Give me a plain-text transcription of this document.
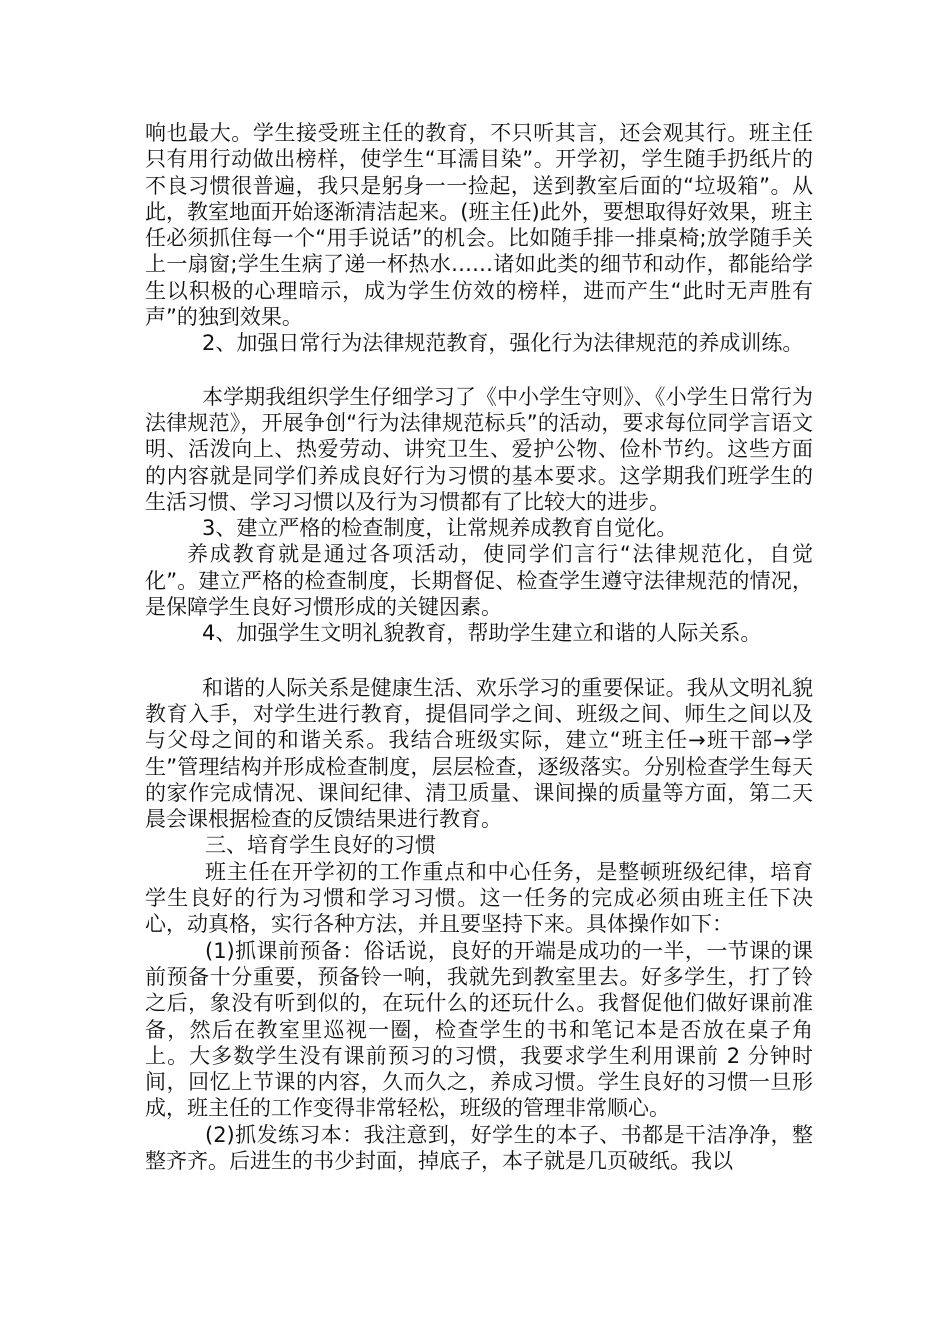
响也最大。学生接受班主任的教育，不只听其言，还会观其行。班主任只有用行动做出榜样，使学生“耳濡目染”。开学初，学生随手扔纸片的不良习惯很普遍，我只是躬身一一捡起，送到教室后面的“垃圾箱”。从此，教室地面开始逐渐清洁起来。(班主任)此外，要想取得好效果，班主任必须抓住每一个“用手说话”的机会。比如随手排一排桌椅;放学随手关上一扇窗;学生生病了递一杯热水……诸如此类的细节和动作，都能给学生以积极的心理暗示，成为学生仿效的榜样，进而产生“此时无声胜有声”的独到效果。

2、加强日常行为法律规范教育，强化行为法律规范的养成训练。

本学期我组织学生仔细学习了《中小学生守则》、《小学生日常行为法律规范》，开展争创“行为法律规范标兵”的活动，要求每位同学言语文明、活泼向上、热爱劳动、讲究卫生、爱护公物、俭朴节约。这些方面的内容就是同学们养成良好行为习惯的基本要求。这学期我们班学生的生活习惯、学习习惯以及行为习惯都有了比较大的进步。

3、建立严格的检查制度，让常规养成教育自觉化。

养成教育就是通过各项活动，使同学们言行“法律规范化，自觉化”。建立严格的检查制度，长期督促、检查学生遵守法律规范的情况，是保障学生良好习惯形成的关键因素。

4、加强学生文明礼貌教育，帮助学生建立和谐的人际关系。

和谐的人际关系是健康生活、欢乐学习的重要保证。我从文明礼貌教育入手，对学生进行教育，提倡同学之间、班级之间、师生之间以及与父母之间的和谐关系。我结合班级实际，建立“班主任→班干部→学生”管理结构并形成检查制度，层层检查，逐级落实。分别检查学生每天的家作完成情况、课间纪律、清卫质量、课间操的质量等方面，第二天晨会课根据检查的反馈结果进行教育。

三、培育学生良好的习惯

班主任在开学初的工作重点和中心任务，是整顿班级纪律，培育学生良好的行为习惯和学习习惯。这一任务的完成必须由班主任下决心，动真格，实行各种方法，并且要坚持下来。具体操作如下：

(1)抓课前预备：俗话说，良好的开端是成功的一半，一节课的课前预备十分重要，预备铃一响，我就先到教室里去。好多学生，打了铃之后，象没有听到似的，在玩什么的还玩什么。我督促他们做好课前准备，然后在教室里巡视一圈，检查学生的书和笔记本是否放在桌子角上。大多数学生没有课前预习的习惯，我要求学生利用课前 2 分钟时间，回忆上节课的内容，久而久之，养成习惯。学生良好的习惯一旦形成，班主任的工作变得非常轻松，班级的管理非常顺心。

(2)抓发练习本：我注意到，好学生的本子、书都是干洁净净，整整齐齐。后进生的书少封面，掉底子，本子就是几页破纸。我以
